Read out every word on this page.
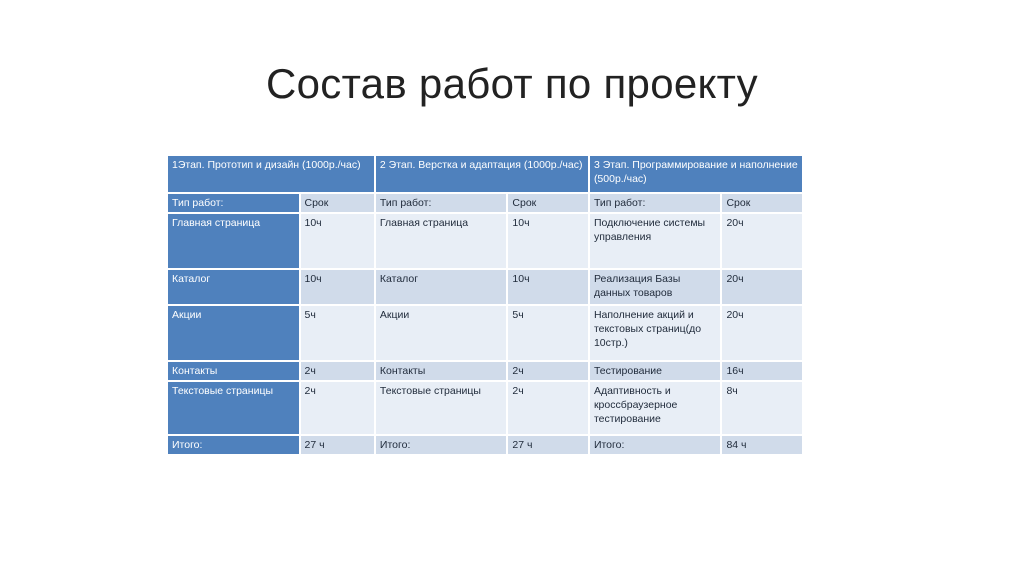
Состав работ по проекту
1Этап. Прототип и дизайн (1000р./час)		2 Этап. Верстка и адаптация (1000р./час)		3 Этап. Программирование и наполнение (500р./час)	
Тип работ:	Срок	Тип работ:	Срок	Тип работ:	Срок
Главная страница	10ч	Главная страница	10ч	Подключение системы управления	20ч
Каталог	10ч	Каталог	10ч	Реализация Базы данных товаров	20ч
Акции	5ч	Акции	5ч	Наполнение акций и текстовых страниц(до 10стр.)	20ч
Контакты	2ч	Контакты	2ч	Тестирование	16ч
Текстовые страницы	2ч	Текстовые страницы	2ч	Адаптивность и кроссбраузерное тестирование	8ч
Итого:	27 ч	Итого:	27 ч	Итого:	84 ч
